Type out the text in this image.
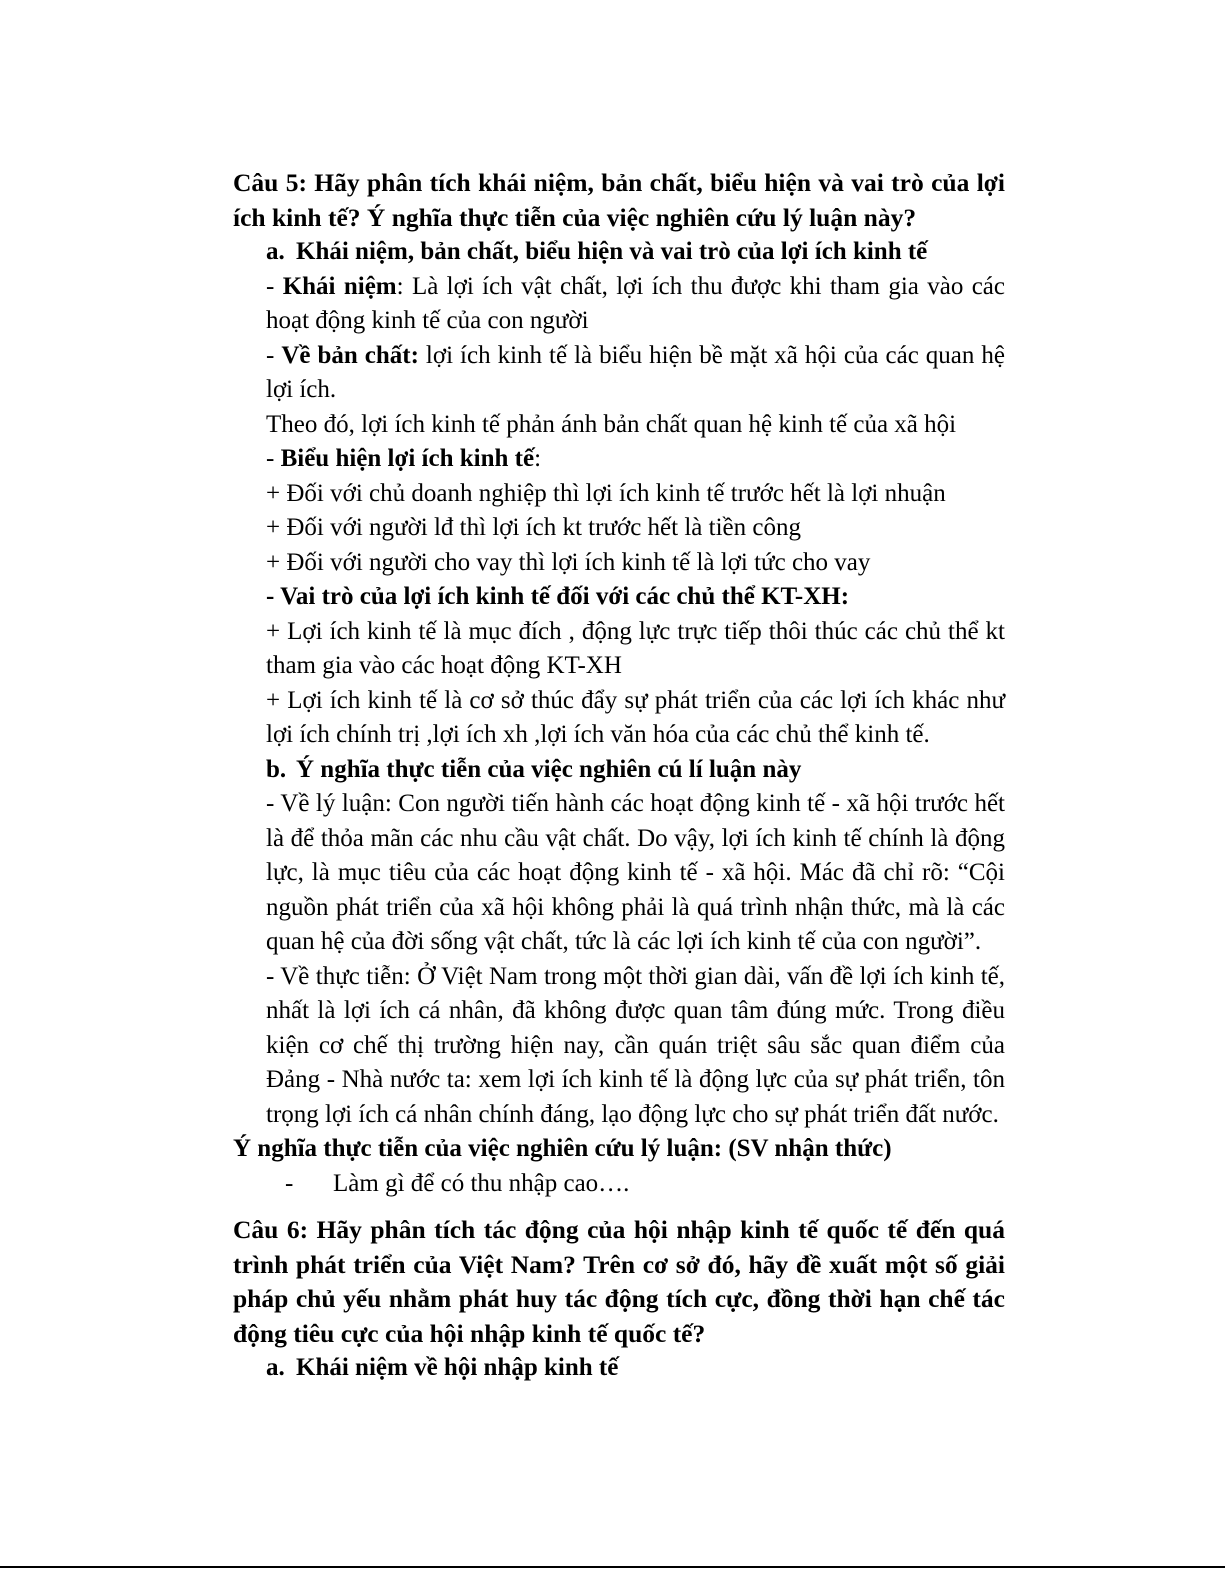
Câu 5: Hãy phân tích khái niệm, bản chất, biểu hiện và vai trò của lợi ích kinh tế? Ý nghĩa thực tiễn của việc nghiên cứu lý luận này?

a. Khái niệm, bản chất, biểu hiện và vai trò của lợi ích kinh tế

- Khái niệm: Là lợi ích vật chất, lợi ích thu được khi tham gia vào các hoạt động kinh tế của con người

- Về bản chất: lợi ích kinh tế là biểu hiện bề mặt xã hội của các quan hệ lợi ích.

Theo đó, lợi ích kinh tế phản ánh bản chất quan hệ kinh tế của xã hội

- Biểu hiện lợi ích kinh tế:

+ Đối với chủ doanh nghiệp thì lợi ích kinh tế trước hết là lợi nhuận

+ Đối với người lđ thì lợi ích kt trước hết là tiền công

+ Đối với người cho vay thì lợi ích kinh tế là lợi tức cho vay

- Vai trò của lợi ích kinh tế đối với các chủ thể KT-XH:

+ Lợi ích kinh tế là mục đích , động lực trực tiếp thôi thúc các chủ thể kt tham gia vào các hoạt động KT-XH

+ Lợi ích kinh tế là cơ sở thúc đẩy sự phát triển của các lợi ích khác như lợi ích chính trị ,lợi ích xh ,lợi ích văn hóa của các chủ thể kinh tế.

b. Ý nghĩa thực tiễn của việc nghiên cú lí luận này

- Về lý luận: Con người tiến hành các hoạt động kinh tế - xã hội trước hết là để thỏa mãn các nhu cầu vật chất. Do vậy, lợi ích kinh tế chính là động lực, là mục tiêu của các hoạt động kinh tế - xã hội. Mác đã chỉ rõ: “Cội nguồn phát triển của xã hội không phải là quá trình nhận thức, mà là các quan hệ của đời sống vật chất, tức là các lợi ích kinh tế của con người”.

- Về thực tiễn: Ở Việt Nam trong một thời gian dài, vấn đề lợi ích kinh tế, nhất là lợi ích cá nhân, đã không được quan tâm đúng mức. Trong điều kiện cơ chế thị trường hiện nay, cần quán triệt sâu sắc quan điểm của Đảng - Nhà nước ta: xem lợi ích kinh tế là động lực của sự phát triển, tôn trọng lợi ích cá nhân chính đáng, lạo động lực cho sự phát triển đất nước.

Ý nghĩa thực tiễn của việc nghiên cứu lý luận: (SV nhận thức)

-	Làm gì để có thu nhập cao….

Câu 6: Hãy phân tích tác động của hội nhập kinh tế quốc tế đến quá trình phát triển của Việt Nam? Trên cơ sở đó, hãy đề xuất một số giải pháp chủ yếu nhằm phát huy tác động tích cực, đồng thời hạn chế tác động tiêu cực của hội nhập kinh tế quốc tế?

a. Khái niệm về hội nhập kinh tế
